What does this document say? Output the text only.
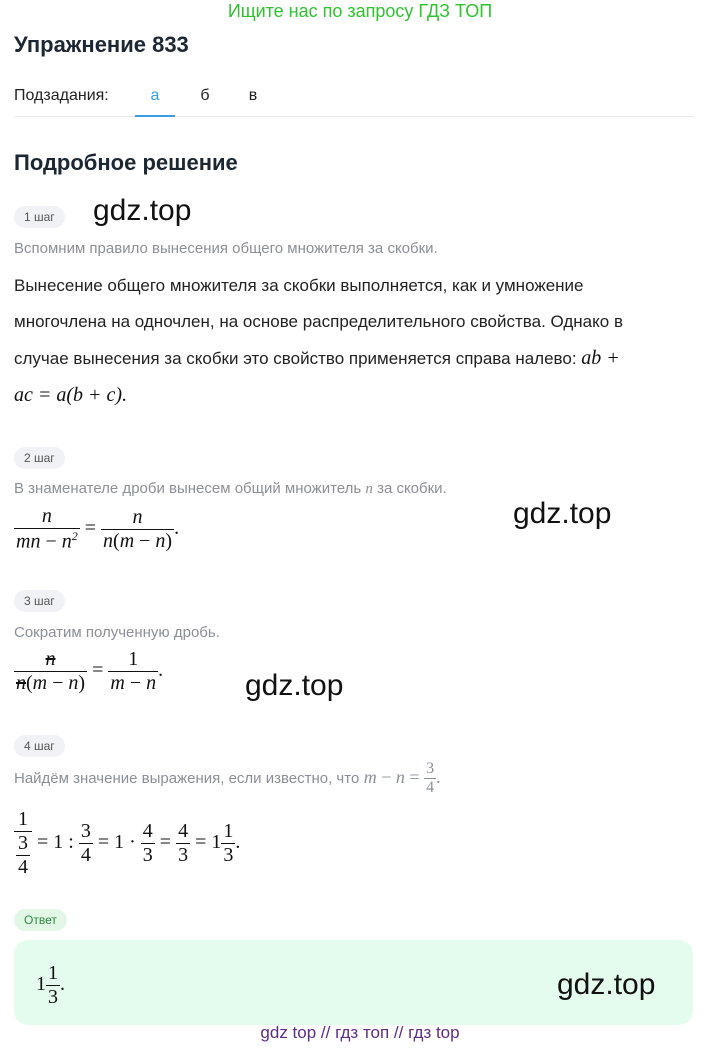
Ищите нас по запросу ГДЗ ТОП
Упражнение 833
Подзадания:	а	б	в
Подробное решение
1 шаг	gdz.top
Вспомним правило вынесения общего множителя за скобки.
Вынесение общего множителя за скобки выполняется, как и умножение
многочлена на одночлен, на основе распределительного свойства. Однако в
случае вынесения за скобки это свойство применяется справа налево: ab +
ac = a(b + c).
2 шаг
В знаменателе дроби вынесем общий множитель n за скобки.
$\frac{n}{mn - n^2} = \frac{n}{n(m - n)}$ .	gdz.top
3 шаг
Сократим полученную дробь.
$\frac{n}{n(m - n)} = \frac{1}{m - n}$ .	gdz.top
4 шаг
Найдём значение выражения, если известно, что $m - n = \frac{3}{4}$ .
1
3
4 = 1 : $\frac{3}{4} = 1 \cdot \frac{4}{3} = \frac{4}{3} = 1 \frac{1}{3}$ .
Ответ
$1 \frac{1}{3}$ .	gdz.top
gdz top // гдз топ // гдз top
